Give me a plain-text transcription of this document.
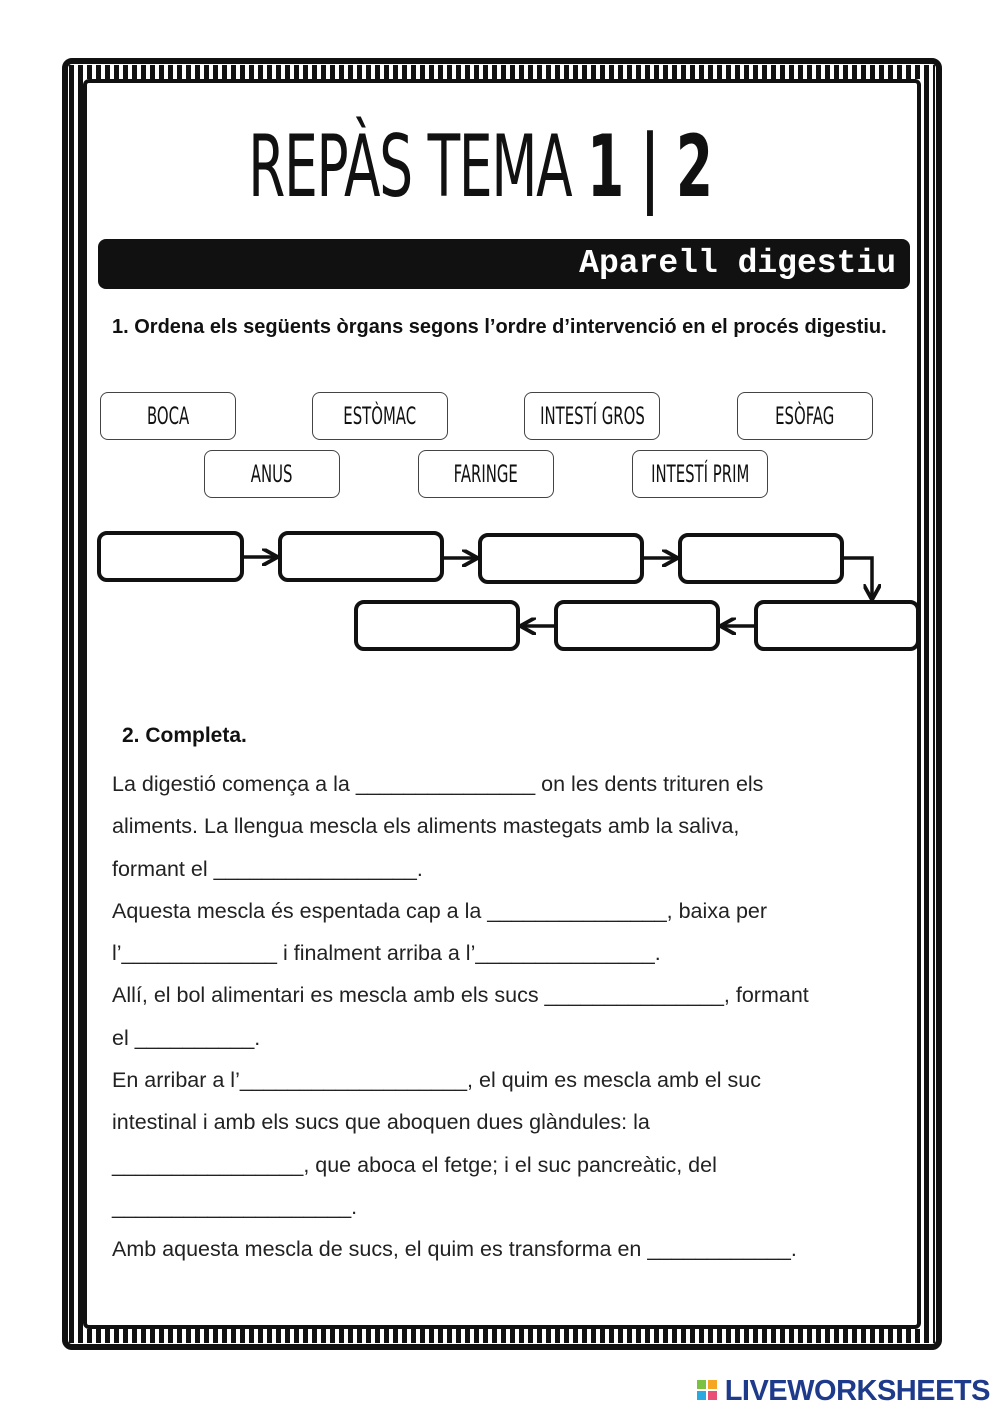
REPÀS TEMA 1 | 2
Aparell digestiu
1. Ordena els següents òrgans segons l’ordre d’intervenció en el procés digestiu.
BOCA	ESTÒMAC	INTESTÍ GROS	ESÒFAG
ANUS	FARINGE	INTESTÍ PRIM
2. Completa.
La digestió comença a la _______________ on les dents trituren els
aliments. La llengua mescla els aliments mastegats amb la saliva,
formant el _________________.
Aquesta mescla és espentada cap a la _______________, baixa per
l’_____________ i finalment arriba a l’_______________.
Allí, el bol alimentari es mescla amb els sucs _______________, formant
el __________.
En arribar a l’___________________, el quim es mescla amb el suc
intestinal i amb els sucs que aboquen dues glàndules: la
________________, que aboca el fetge; i el suc pancreàtic, del
____________________.
Amb aquesta mescla de sucs, el quim es transforma en ____________.
LIVEWORKSHEETS
